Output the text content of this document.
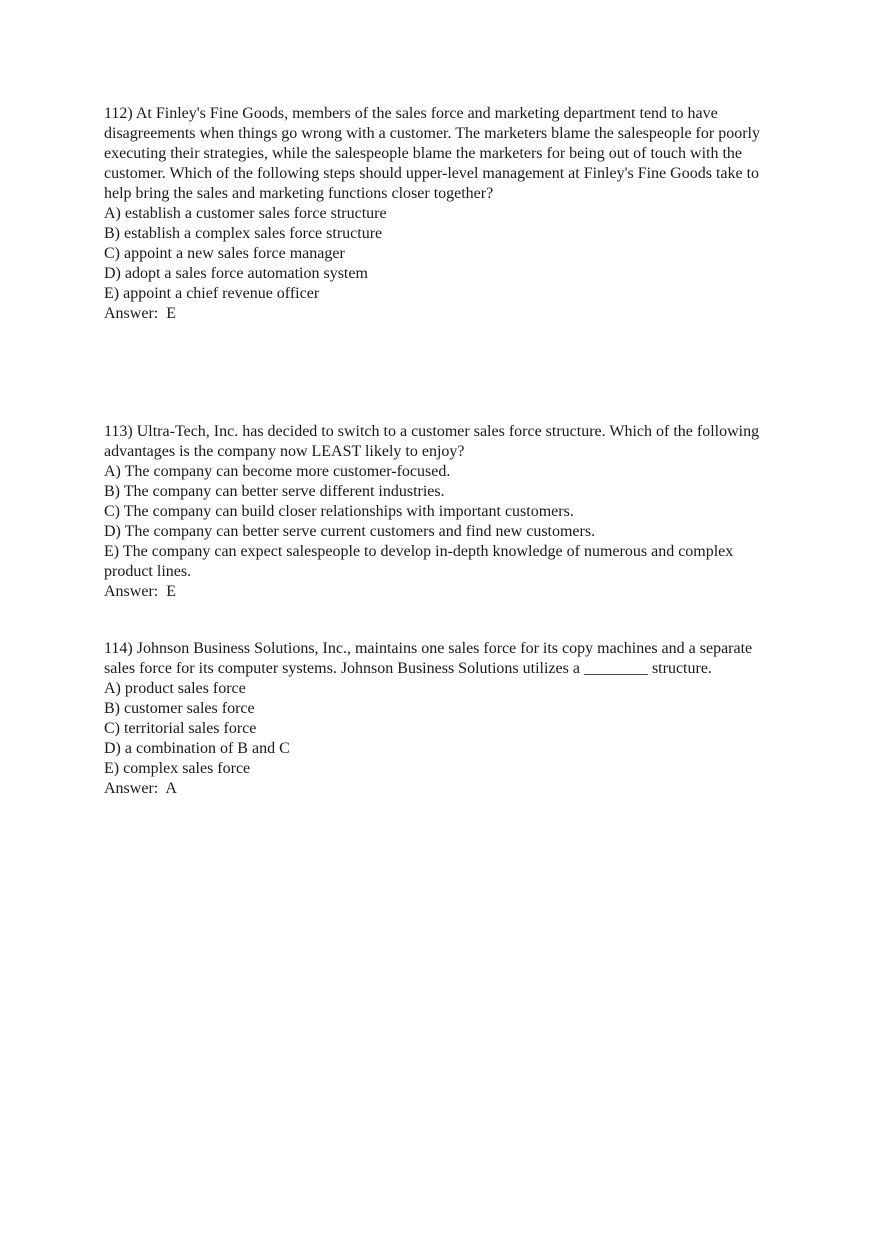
112) At Finley's Fine Goods, members of the sales force and marketing department tend to have disagreements when things go wrong with a customer. The marketers blame the salespeople for poorly executing their strategies, while the salespeople blame the marketers for being out of touch with the customer. Which of the following steps should upper-level management at Finley's Fine Goods take to help bring the sales and marketing functions closer together?

A) establish a customer sales force structure

B) establish a complex sales force structure

C) appoint a new sales force manager

D) adopt a sales force automation system

E) appoint a chief revenue officer

Answer:  E

113) Ultra-Tech, Inc. has decided to switch to a customer sales force structure. Which of the following advantages is the company now LEAST likely to enjoy?

A) The company can become more customer-focused.

B) The company can better serve different industries.

C) The company can build closer relationships with important customers.

D) The company can better serve current customers and find new customers.

E) The company can expect salespeople to develop in-depth knowledge of numerous and complex product lines.

Answer:  E

114) Johnson Business Solutions, Inc., maintains one sales force for its copy machines and a separate sales force for its computer systems. Johnson Business Solutions utilizes a ________ structure.

A) product sales force

B) customer sales force

C) territorial sales force

D) a combination of B and C

E) complex sales force

Answer:  A
